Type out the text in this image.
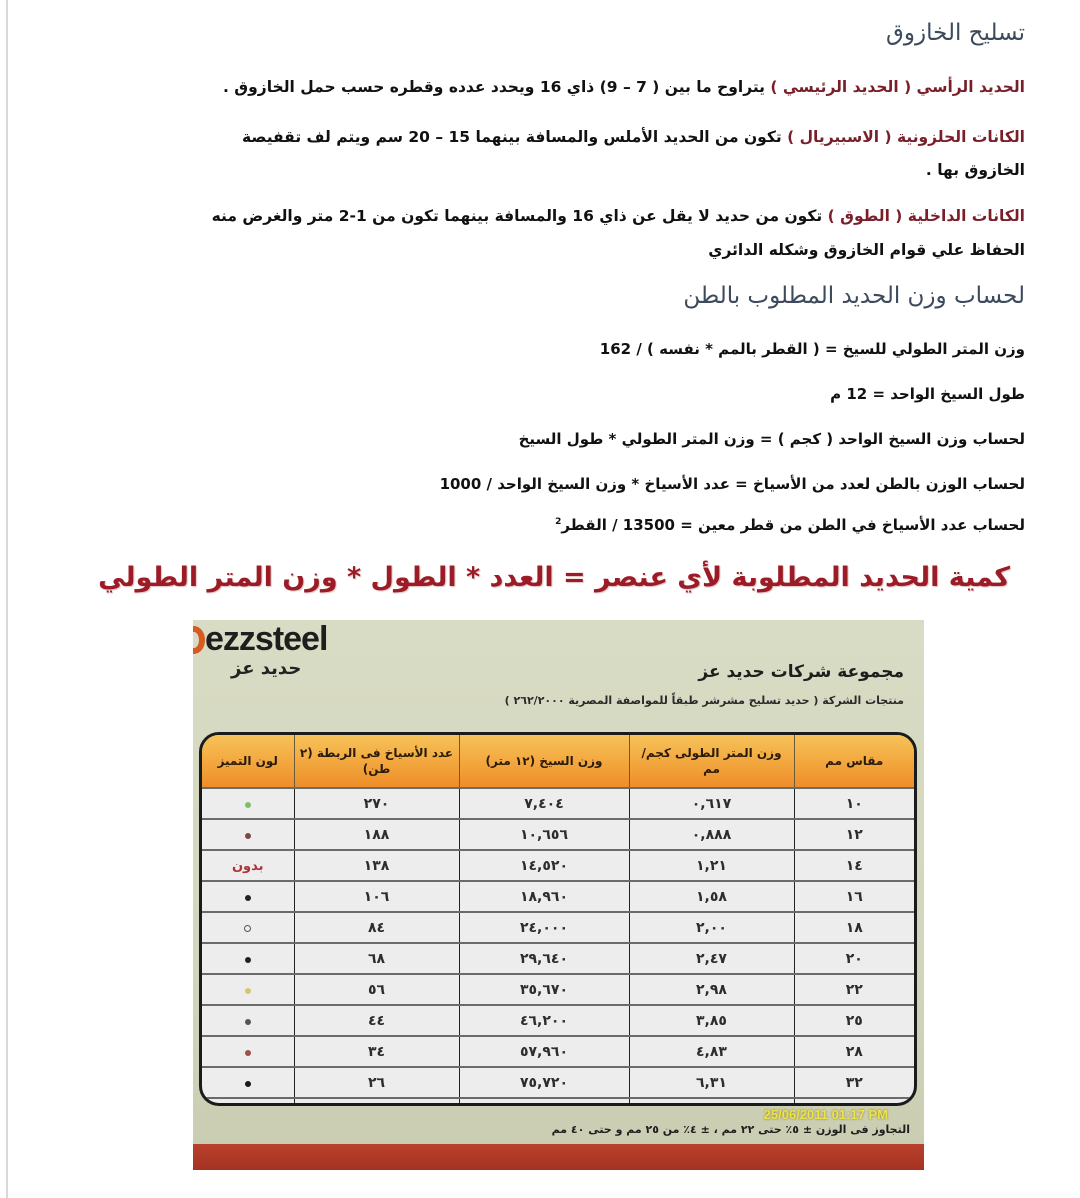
تسليح الخازوق
الحديد الرأسي ( الحديد الرئيسي ) يتراوح ما بين ( 7 – 9) ذاي 16 ويحدد عدده وقطره حسب حمل الخازوق .
الكانات الحلزونية ( الاسبيريال ) تكون من الحديد الأملس والمسافة بينهما 15 – 20 سم ويتم لف تقفيصة
الخازوق بها .
الكانات الداخلية ( الطوق ) تكون من حديد لا يقل عن ذاي 16 والمسافة بينهما تكون من 1-2 متر والغرض منه
الحفاظ علي قوام الخازوق وشكله الدائري
لحساب وزن الحديد المطلوب بالطن
وزن المتر الطولي للسيخ = ( القطر بالمم * نفسه ) / 162
طول السيخ الواحد = 12 م
لحساب وزن السيخ الواحد ( كجم ) = وزن المتر الطولي * طول السيخ
لحساب الوزن بالطن لعدد من الأسياخ = عدد الأسياخ * وزن السيخ الواحد / 1000
لحساب عدد الأسياخ في الطن من قطر معين = 13500 / القطر$^2$
كمية الحديد المطلوبة لأي عنصر = العدد * الطول * وزن المتر الطولي
ezzsteel
حديد عز	مجموعة شركات حديد عز
منتجات الشركة ( حديد تسليح مشرشر طبقاً للمواصفة المصرية ٢٦٢/٢٠٠٠ )
مقاس مم	وزن المتر الطولى كجم/مم	وزن السيخ (١٢ متر)	عدد الأسياخ فى الربطة (٢ طن)	لون التميز
١٠	٠,٦١٧	٧,٤٠٤	٢٧٠	
١٢	٠,٨٨٨	١٠,٦٥٦	١٨٨	
١٤	١,٢١	١٤,٥٢٠	١٣٨	بدون
١٦	١,٥٨	١٨,٩٦٠	١٠٦	
١٨	٢,٠٠	٢٤,٠٠٠	٨٤	
٢٠	٢,٤٧	٢٩,٦٤٠	٦٨	
٢٢	٢,٩٨	٣٥,٦٧٠	٥٦	
٢٥	٣,٨٥	٤٦,٢٠٠	٤٤	
٢٨	٤,٨٣	٥٧,٩٦٠	٣٤	
٣٢	٦,٣١	٧٥,٧٢٠	٢٦	

25/06/2011 01:17 PM
التجاوز فى الوزن ± ٥٪ حتى ٢٢ مم ، ± ٤٪ من ٢٥ مم و حتى ٤٠ مم
